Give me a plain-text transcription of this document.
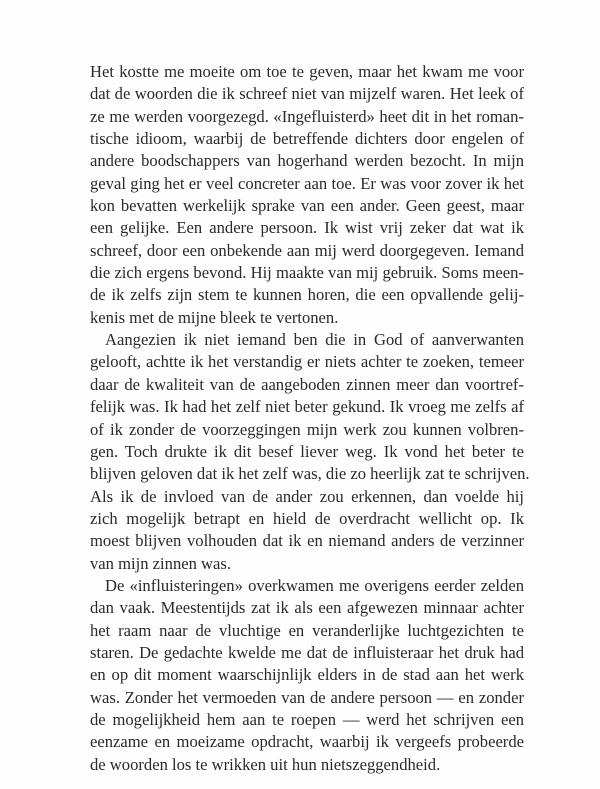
Het kostte me moeite om toe te geven, maar het kwam me voor
dat de woorden die ik schreef niet van mijzelf waren. Het leek of
ze me werden voorgezegd. «Ingefluisterd» heet dit in het roman-
tische idioom, waarbij de betreffende dichters door engelen of
andere boodschappers van hogerhand werden bezocht. In mijn
geval ging het er veel concreter aan toe. Er was voor zover ik het
kon bevatten werkelijk sprake van een ander. Geen geest, maar
een gelijke. Een andere persoon. Ik wist vrij zeker dat wat ik
schreef, door een onbekende aan mij werd doorgegeven. Iemand
die zich ergens bevond. Hij maakte van mij gebruik. Soms meen-
de ik zelfs zijn stem te kunnen horen, die een opvallende gelij-
kenis met de mijne bleek te vertonen.
Aangezien ik niet iemand ben die in God of aanverwanten
gelooft, achtte ik het verstandig er niets achter te zoeken, temeer
daar de kwaliteit van de aangeboden zinnen meer dan voortref-
felijk was. Ik had het zelf niet beter gekund. Ik vroeg me zelfs af
of ik zonder de voorzeggingen mijn werk zou kunnen volbren-
gen. Toch drukte ik dit besef liever weg. Ik vond het beter te
blijven geloven dat ik het zelf was, die zo heerlijk zat te schrijven.
Als ik de invloed van de ander zou erkennen, dan voelde hij
zich mogelijk betrapt en hield de overdracht wellicht op. Ik
moest blijven volhouden dat ik en niemand anders de verzinner
van mijn zinnen was.
De «influisteringen» overkwamen me overigens eerder zelden
dan vaak. Meestentijds zat ik als een afgewezen minnaar achter
het raam naar de vluchtige en veranderlijke luchtgezichten te
staren. De gedachte kwelde me dat de influisteraar het druk had
en op dit moment waarschijnlijk elders in de stad aan het werk
was. Zonder het vermoeden van de andere persoon — en zonder
de mogelijkheid hem aan te roepen — werd het schrijven een
eenzame en moeizame opdracht, waarbij ik vergeefs probeerde
de woorden los te wrikken uit hun nietszeggendheid.
